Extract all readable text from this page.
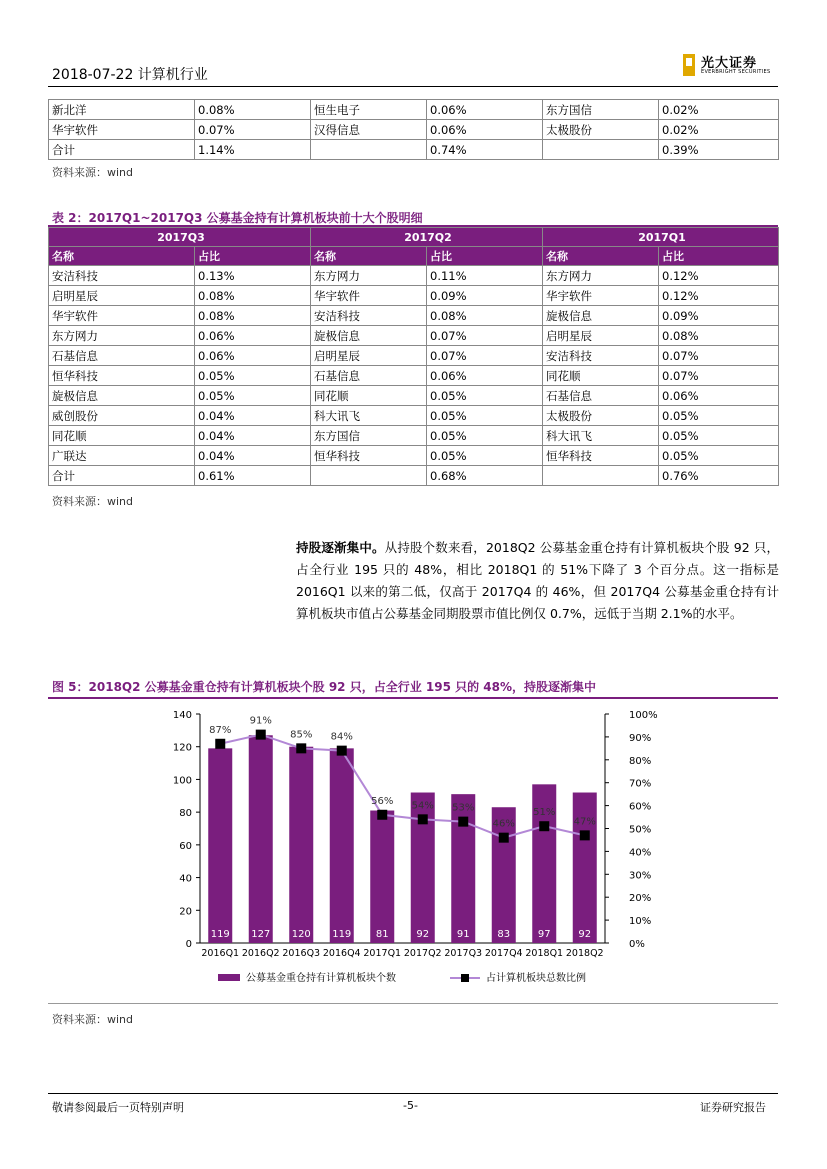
2018-07-22 计算机行业
光大证券
EVERBRIGHT SECURITIES
新北洋	0.08%	恒生电子	0.06%	东方国信	0.02%
华宇软件	0.07%	汉得信息	0.06%	太极股份	0.02%
合计	1.14%		0.74%		0.39%
资料来源：wind
表 2：2017Q1~2017Q3 公募基金持有计算机板块前十大个股明细
2017Q3		2017Q2		2017Q1	
名称	占比	名称	占比	名称	占比
安洁科技	0.13%	东方网力	0.11%	东方网力	0.12%
启明星辰	0.08%	华宇软件	0.09%	华宇软件	0.12%
华宇软件	0.08%	安洁科技	0.08%	旋极信息	0.09%
东方网力	0.06%	旋极信息	0.07%	启明星辰	0.08%
石基信息	0.06%	启明星辰	0.07%	安洁科技	0.07%
恒华科技	0.05%	石基信息	0.06%	同花顺	0.07%
旋极信息	0.05%	同花顺	0.05%	石基信息	0.06%
威创股份	0.04%	科大讯飞	0.05%	太极股份	0.05%
同花顺	0.04%	东方国信	0.05%	科大讯飞	0.05%
广联达	0.04%	恒华科技	0.05%	恒华科技	0.05%
合计	0.61%		0.68%		0.76%
资料来源：wind
持股逐渐集中。从持股个数来看，2018Q2 公募基金重仓持有计算机板块个股 92 只，占全行业 195 只的 48%，相比 2018Q1 的 51%下降了 3 个百分点。这一指标是 2016Q1 以来的第二低，仅高于 2017Q4 的 46%，但 2017Q4 公募基金重仓持有计算机板块市值占公募基金同期股票市值比例仅 0.7%，远低于当期 2.1%的水平。
图 5：2018Q2 公募基金重仓持有计算机板块个股 92 只，占全行业 195 只的 48%，持股逐渐集中
0
20
40
60
80
100
120
140
0%
10%
20%
30%
40%
50%
60%
70%
80%
90%
100%
119
2016Q1
127
2016Q2
120
2016Q3
119
2016Q4
81
2017Q1
92
2017Q2
91
2017Q3
83
2017Q4
97
2018Q1
92
2018Q2
87%
91%
85% 84%
56% 54% 53%
46%
51%
47%
公募基金重仓持有计算机板块个数	占计算机板块总数比例
资料来源：wind
敬请参阅最后一页特别声明	-5-	证券研究报告
